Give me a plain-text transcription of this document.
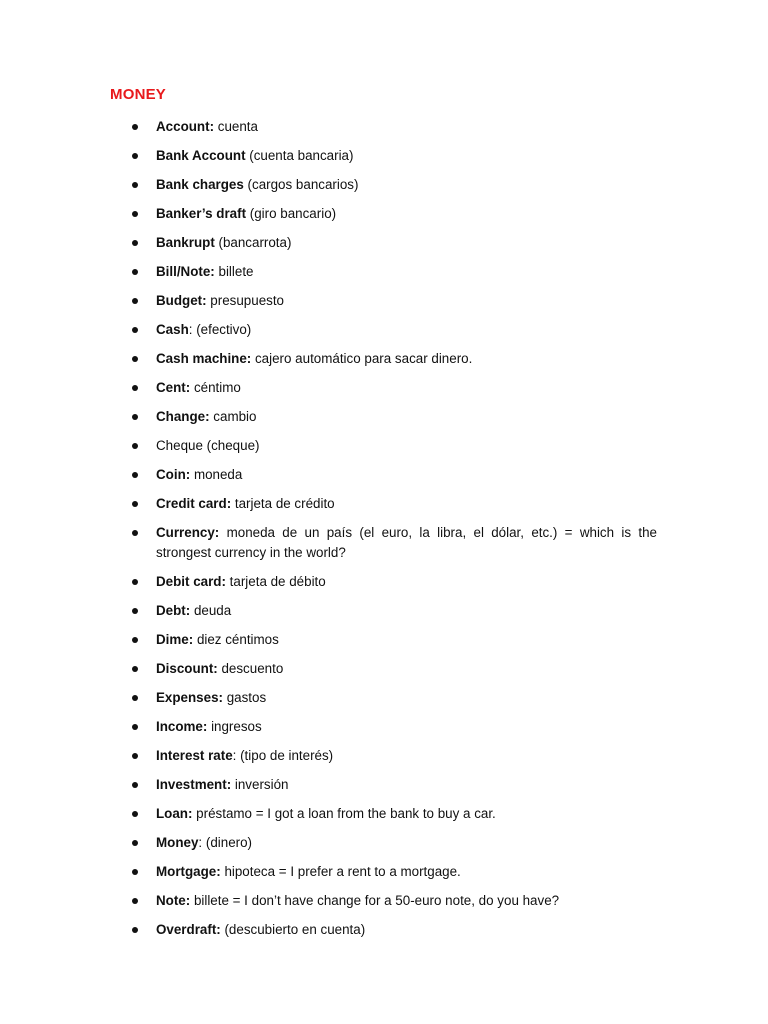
MONEY
Account: cuenta
Bank Account (cuenta bancaria)
Bank charges (cargos bancarios)
Banker’s draft (giro bancario)
Bankrupt (bancarrota)
Bill/Note: billete
Budget: presupuesto
Cash: (efectivo)
Cash machine: cajero automático para sacar dinero.
Cent: céntimo
Change: cambio
Cheque (cheque)
Coin: moneda
Credit card: tarjeta de crédito
Currency: moneda de un país (el euro, la libra, el dólar, etc.) = which is the strongest currency in the world?
Debit card: tarjeta de débito
Debt: deuda
Dime: diez céntimos
Discount: descuento
Expenses: gastos
Income: ingresos
Interest rate: (tipo de interés)
Investment: inversión
Loan: préstamo = I got a loan from the bank to buy a car.
Money: (dinero)
Mortgage: hipoteca = I prefer a rent to a mortgage.
Note: billete = I don’t have change for a 50-euro note, do you have?
Overdraft: (descubierto en cuenta)
